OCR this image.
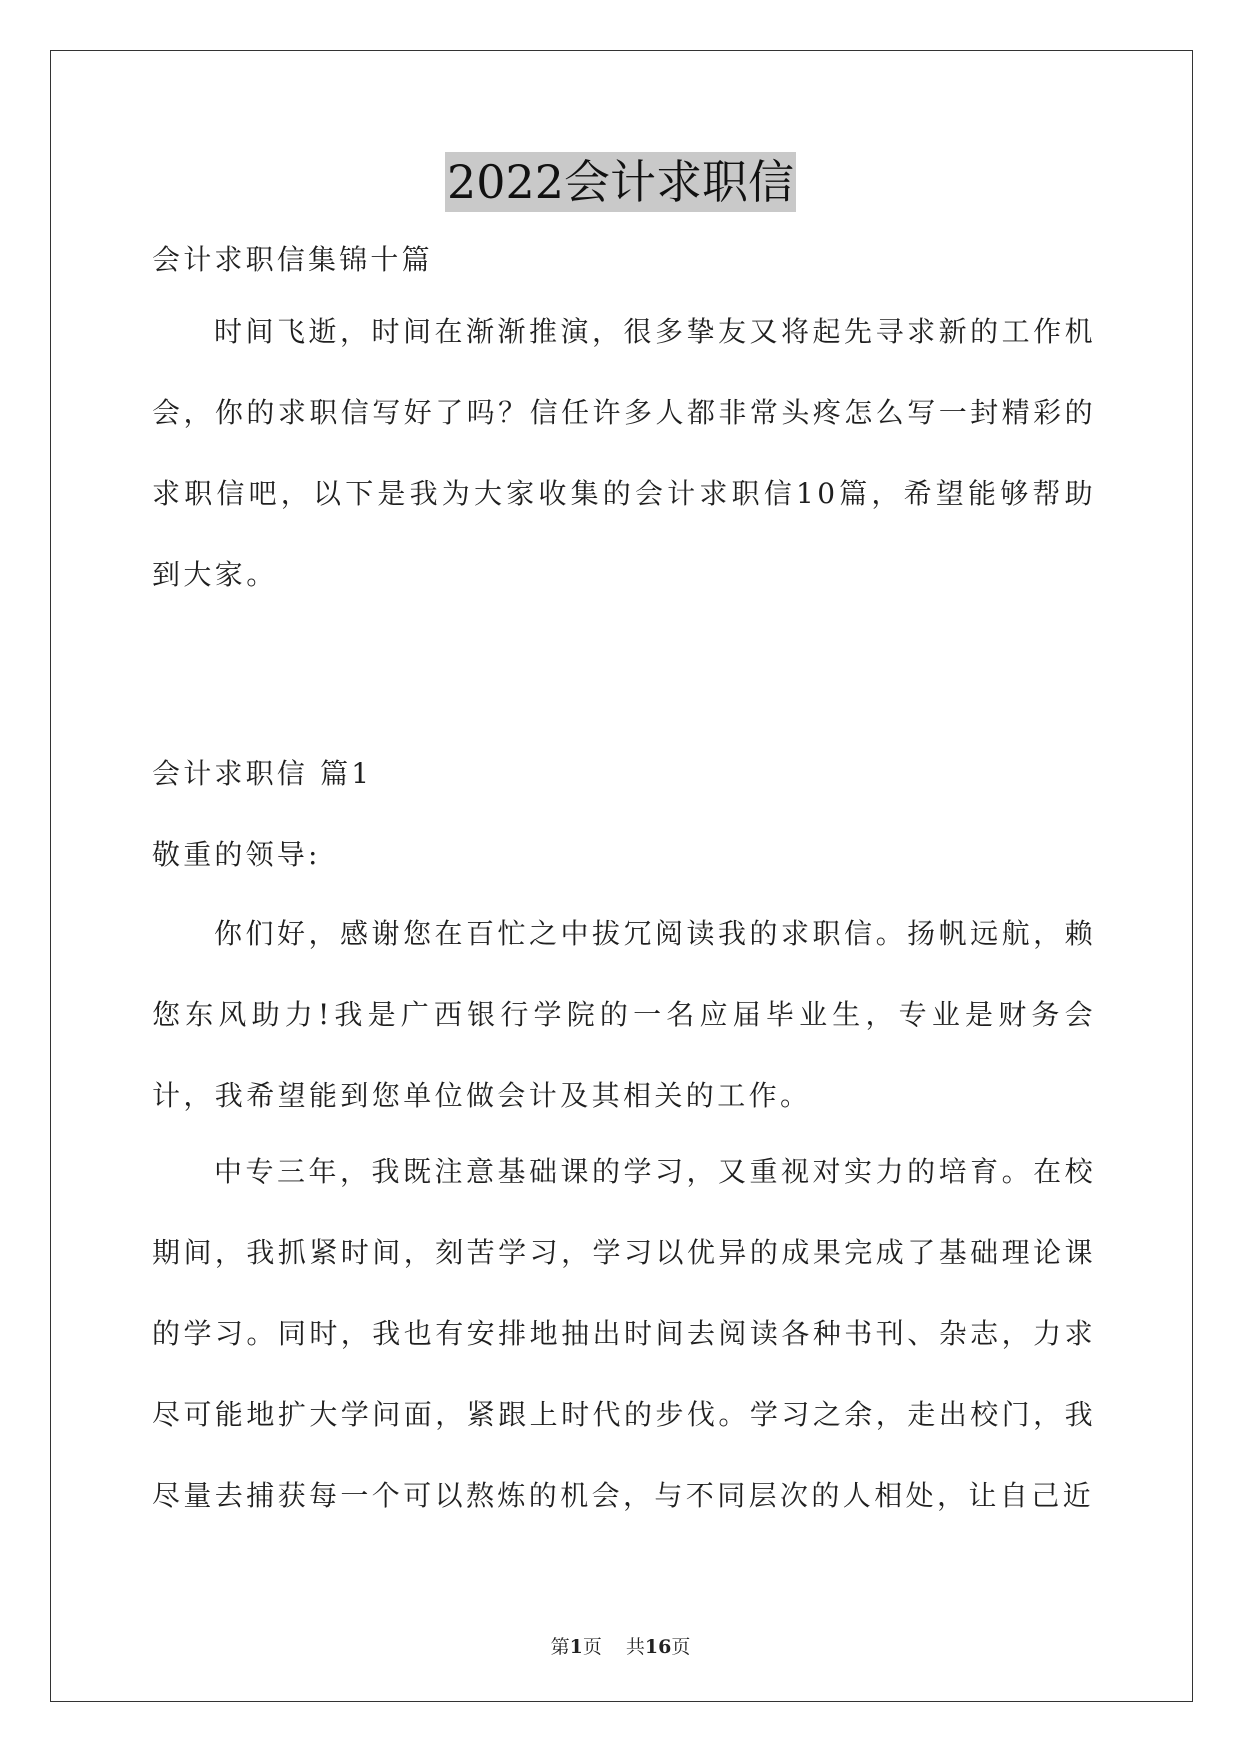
2022会计求职信
会计求职信集锦十篇
时间飞逝，时间在渐渐推演，很多挚友又将起先寻求新的工作机会，你的求职信写好了吗？信任许多人都非常头疼怎么写一封精彩的求职信吧，以下是我为大家收集的会计求职信10篇，希望能够帮助到大家。
会计求职信 篇1
敬重的领导:
你们好，感谢您在百忙之中拔冗阅读我的求职信。扬帆远航，赖您东风助力!我是广西银行学院的一名应届毕业生，专业是财务会计，我希望能到您单位做会计及其相关的工作。
中专三年，我既注意基础课的学习，又重视对实力的培育。在校期间，我抓紧时间，刻苦学习，学习以优异的成果完成了基础理论课的学习。同时，我也有安排地抽出时间去阅读各种书刊、杂志，力求尽可能地扩大学问面，紧跟上时代的步伐。学习之余，走出校门，我尽量去捕获每一个可以熬炼的机会，与不同层次的人相处，让自己近
第1页 共16页
